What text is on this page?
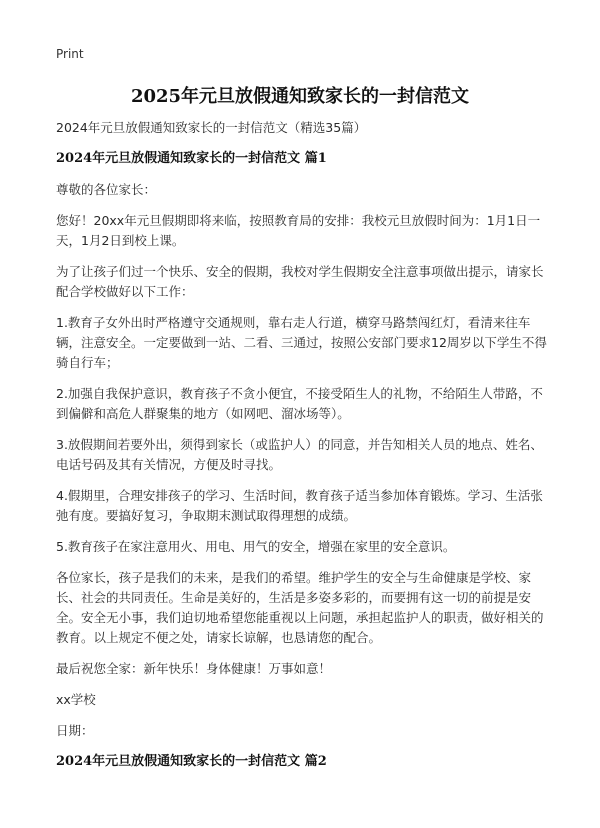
Print
2025年元旦放假通知致家长的一封信范文

2024年元旦放假通知致家长的一封信范文（精选35篇）

2024年元旦放假通知致家长的一封信范文 篇1

尊敬的各位家长：

您好！20xx年元旦假期即将来临，按照教育局的安排：我校元旦放假时间为：1月1日一天，1月2日到校上课。

为了让孩子们过一个快乐、安全的假期，我校对学生假期安全注意事项做出提示，请家长配合学校做好以下工作：

1.教育子女外出时严格遵守交通规则，靠右走人行道，横穿马路禁闯红灯，看清来往车辆，注意安全。一定要做到一站、二看、三通过，按照公安部门要求12周岁以下学生不得骑自行车；

2.加强自我保护意识，教育孩子不贪小便宜，不接受陌生人的礼物，不给陌生人带路，不到偏僻和高危人群聚集的地方（如网吧、溜冰场等）。

3.放假期间若要外出，须得到家长（或监护人）的同意，并告知相关人员的地点、姓名、电话号码及其有关情况，方便及时寻找。

4.假期里，合理安排孩子的学习、生活时间，教育孩子适当参加体育锻炼。学习、生活张弛有度。要搞好复习，争取期末测试取得理想的成绩。

5.教育孩子在家注意用火、用电、用气的安全，增强在家里的安全意识。

各位家长，孩子是我们的未来，是我们的希望。维护学生的安全与生命健康是学校、家长、社会的共同责任。生命是美好的，生活是多姿多彩的，而要拥有这一切的前提是安全。安全无小事，我们迫切地希望您能重视以上问题，承担起监护人的职责，做好相关的教育。以上规定不便之处，请家长谅解，也恳请您的配合。

最后祝您全家：新年快乐！身体健康！万事如意！

xx学校

日期：

2024年元旦放假通知致家长的一封信范文 篇2
